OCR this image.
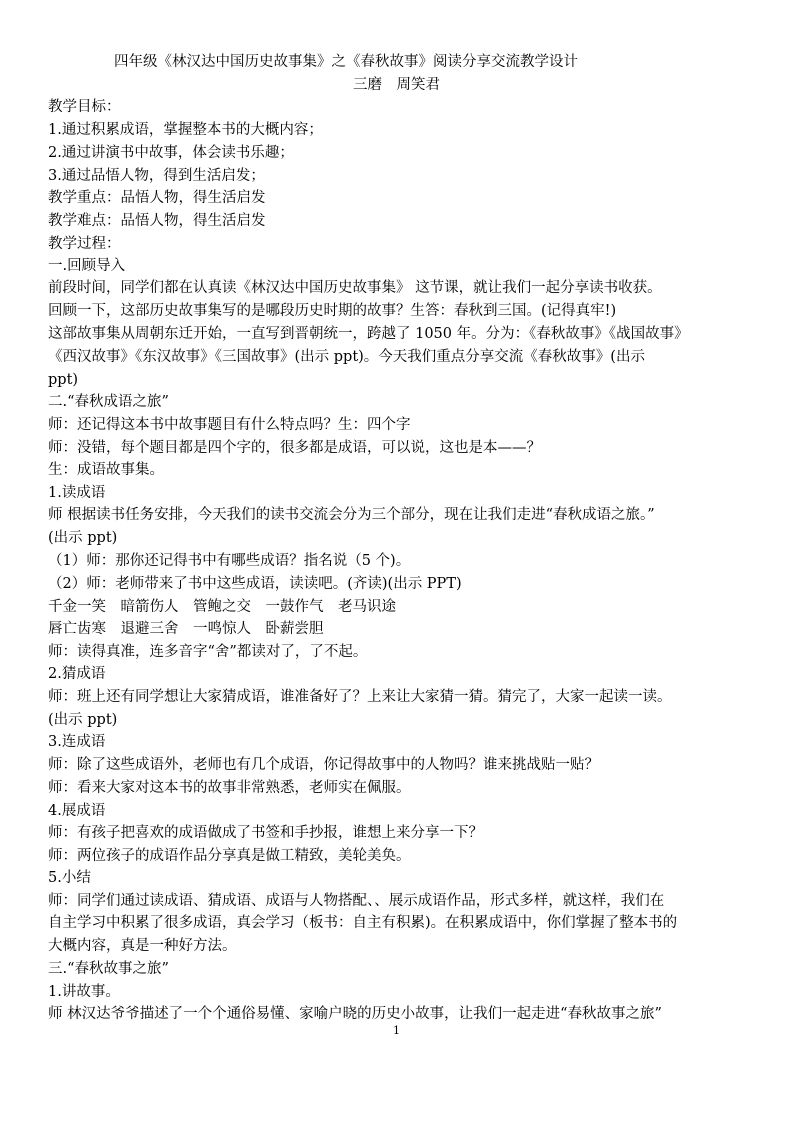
四年级《林汉达中国历史故事集》之《春秋故事》阅读分享交流教学设计
三磨　周笑君
教学目标：
1.通过积累成语，掌握整本书的大概内容；
2.通过讲演书中故事，体会读书乐趣；
3.通过品悟人物，得到生活启发；
教学重点：品悟人物，得生活启发
教学难点：品悟人物，得生活启发
教学过程：
一.回顾导入
前段时间，同学们都在认真读《林汉达中国历史故事集》 这节课，就让我们一起分享读书收获。
回顾一下，这部历史故事集写的是哪段历史时期的故事？生答：春秋到三国。(记得真牢!)
这部故事集从周朝东迁开始，一直写到晋朝统一，跨越了 1050 年。分为：《春秋故事》《战国故事》
《西汉故事》《东汉故事》《三国故事》(出示 ppt)。今天我们重点分享交流《春秋故事》(出示
ppt)
二.“春秋成语之旅”
师：还记得这本书中故事题目有什么特点吗？生：四个字
师：没错，每个题目都是四个字的，很多都是成语，可以说，这也是本——？
生：成语故事集。
1.读成语
师 根据读书任务安排，今天我们的读书交流会分为三个部分，现在让我们走进“春秋成语之旅。”
(出示 ppt)
（1）师：那你还记得书中有哪些成语？指名说（5 个)。
（2）师：老师带来了书中这些成语，读读吧。(齐读)(出示 PPT)
千金一笑　暗箭伤人　管鲍之交　一鼓作气　老马识途
唇亡齿寒　退避三舍　一鸣惊人　卧薪尝胆
师：读得真准，连多音字“舍”都读对了，了不起。
2.猜成语
师：班上还有同学想让大家猜成语，谁准备好了？上来让大家猜一猜。猜完了，大家一起读一读。
(出示 ppt)
3.连成语
师：除了这些成语外，老师也有几个成语，你记得故事中的人物吗？谁来挑战贴一贴？
师：看来大家对这本书的故事非常熟悉，老师实在佩服。
4.展成语
师：有孩子把喜欢的成语做成了书签和手抄报，谁想上来分享一下？
师：两位孩子的成语作品分享真是做工精致，美轮美奂。
5.小结
师：同学们通过读成语、猜成语、成语与人物搭配、、展示成语作品，形式多样，就这样，我们在
自主学习中积累了很多成语，真会学习（板书：自主有积累)。在积累成语中，你们掌握了整本书的
大概内容，真是一种好方法。
三.“春秋故事之旅”
1.讲故事。
师 林汉达爷爷描述了一个个通俗易懂、家喻户晓的历史小故事，让我们一起走进“春秋故事之旅”
1
